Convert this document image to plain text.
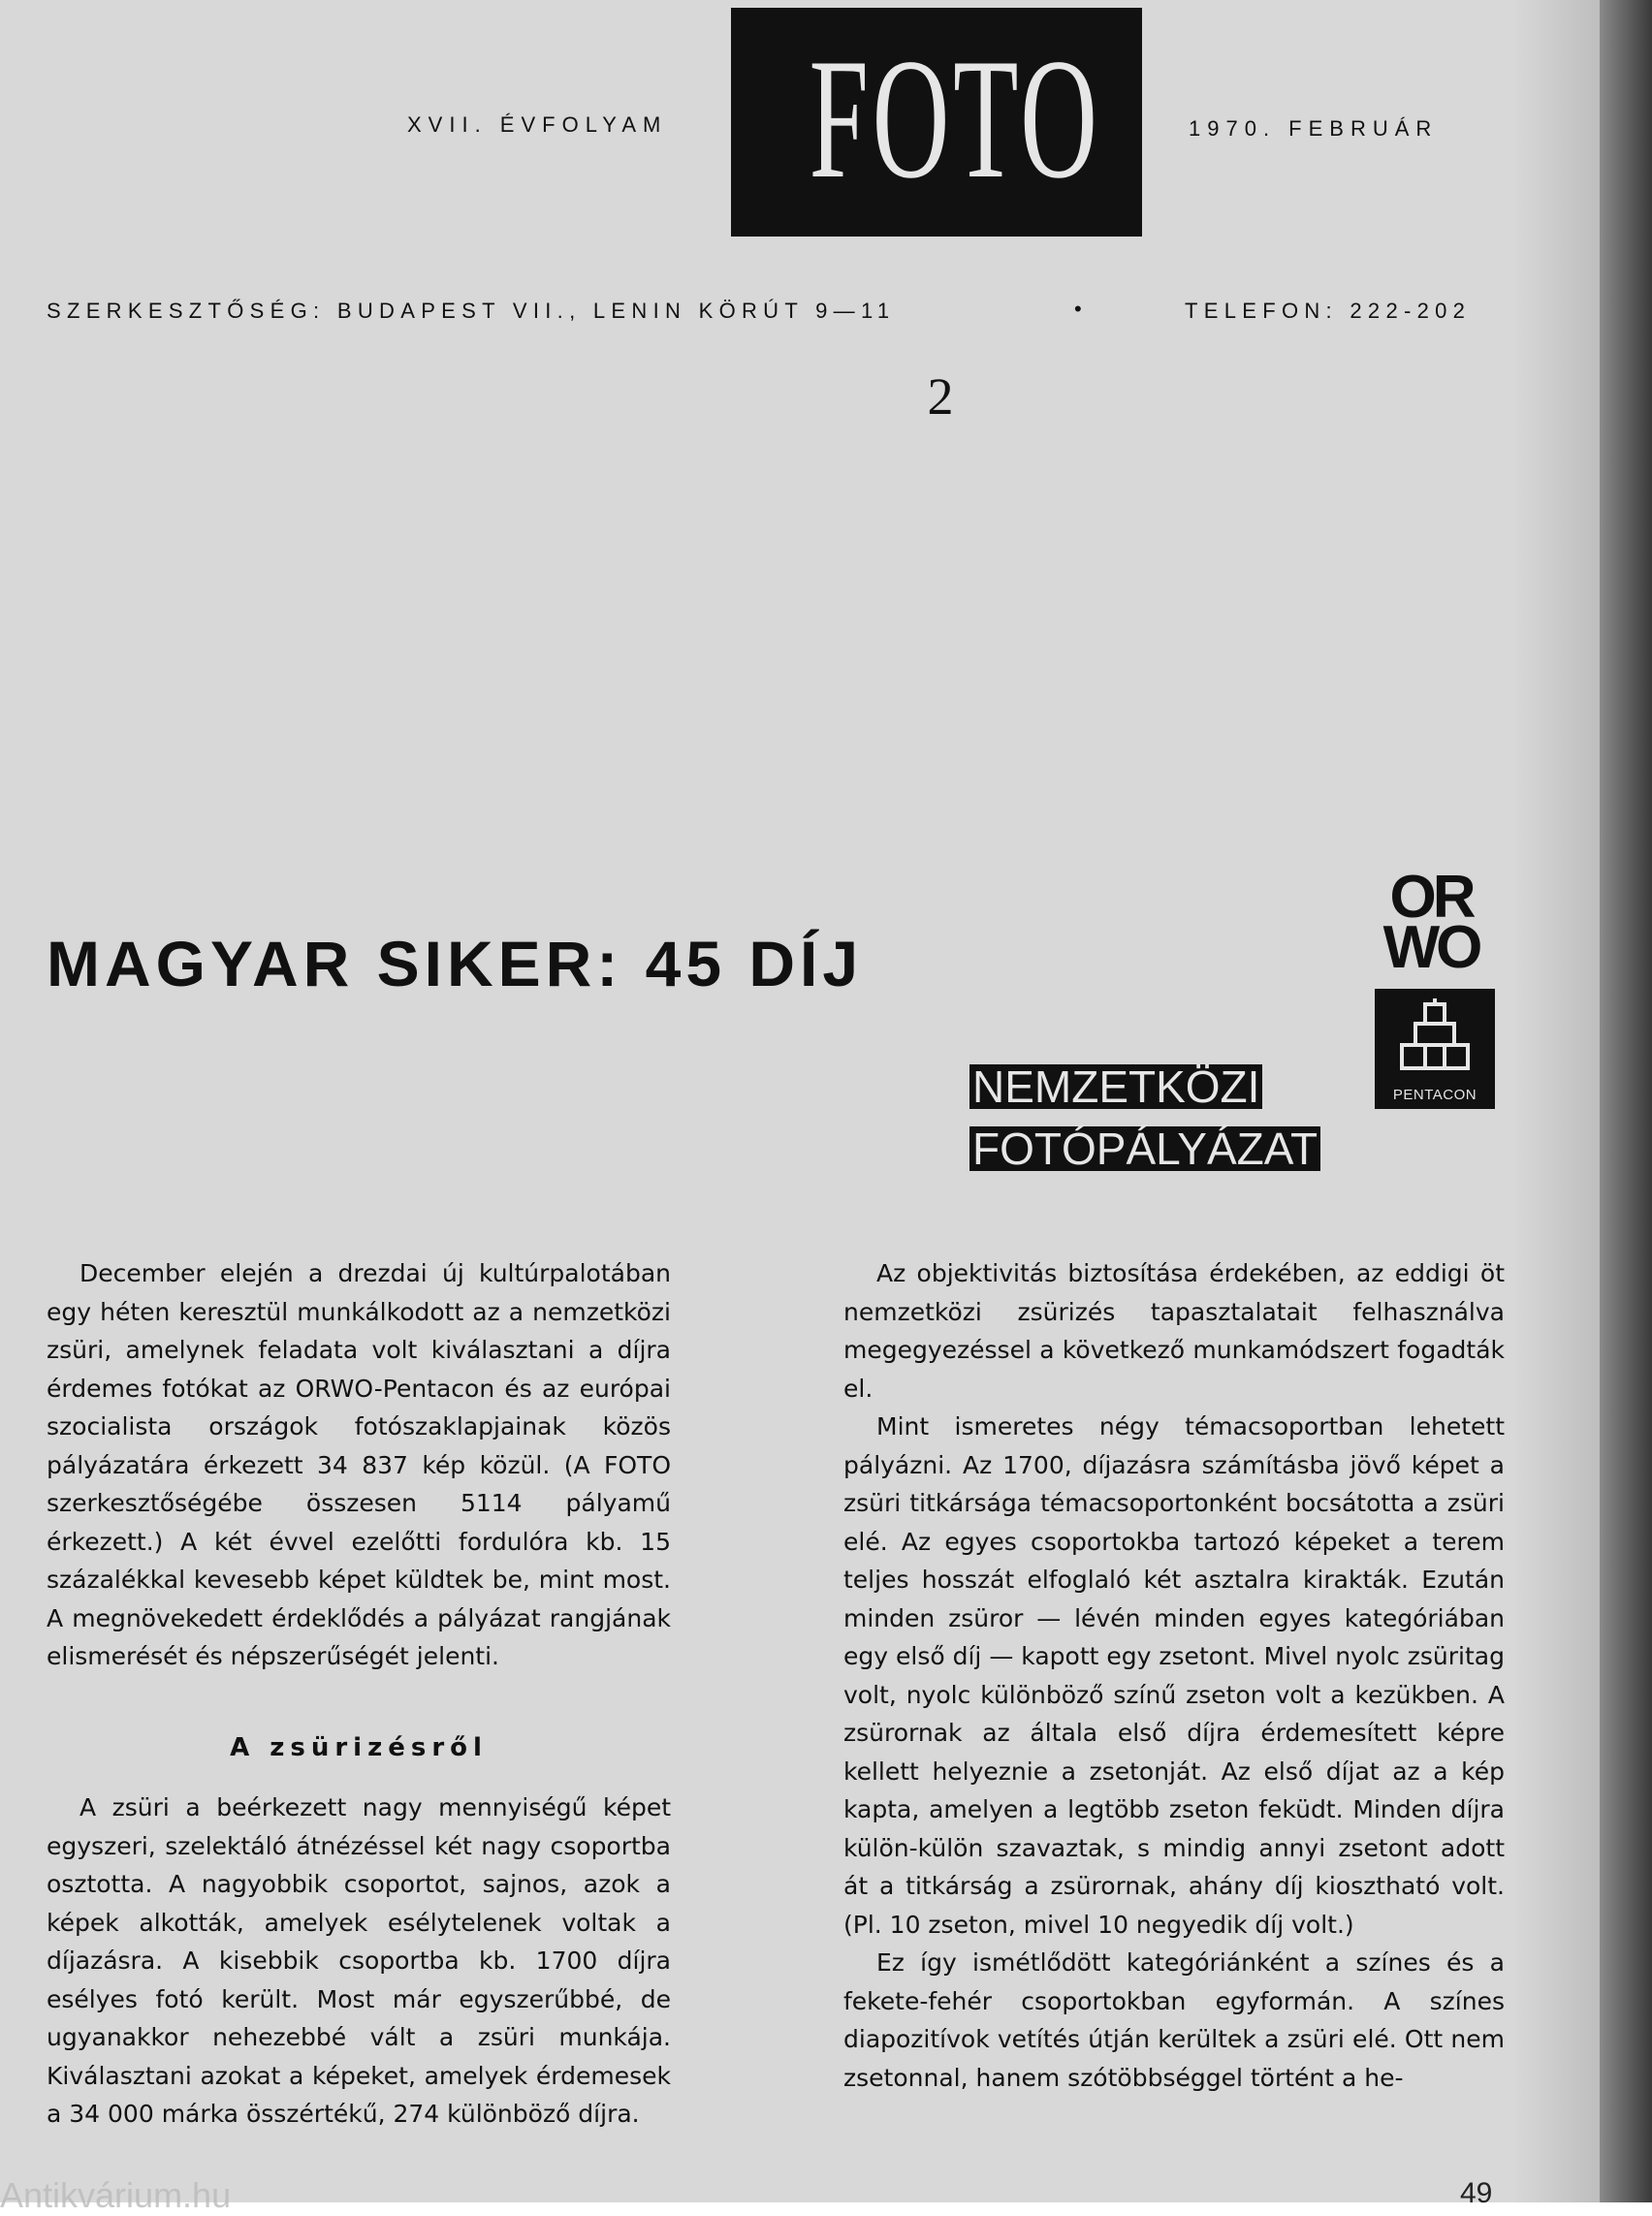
XVII. ÉVFOLYAM FOTO	1970. FEBRUÁR
SZERKESZTŐSÉG: BUDAPEST VII., LENIN KÖRÚT 9—11	•	TELEFON: 222-202
2
MAGYAR SIKER: 45 DÍJ
OR
WO
PENTACON
NEMZETKÖZI
FOTÓPÁLYÁZAT

December elején a drezdai új kultúrpalotában egy héten keresztül munkálkodott az a nemzetközi zsüri, amelynek feladata volt kiválasztani a díjra érdemes fotókat az ORWO-Pentacon és az európai szocialista országok fotószaklapjainak közös pályázatára érkezett 34 837 kép közül. (A FOTO szerkesztőségébe összesen 5114 pályamű érkezett.) A két évvel ezelőtti fordulóra kb. 15 százalékkal kevesebb képet küldtek be, mint most. A megnövekedett érdeklődés a pályázat rangjának elismerését és népszerűségét jelenti.

A zsürizésről

A zsüri a beérkezett nagy mennyiségű képet egyszeri, szelektáló átnézéssel két nagy csoportba osztotta. A nagyobbik csoportot, sajnos, azok a képek alkották, amelyek esélytelenek voltak a díjazásra. A kisebbik csoportba kb. 1700 díjra esélyes fotó került. Most már egyszerűbbé, de ugyanakkor nehezebbé vált a zsüri munkája. Kiválasztani azokat a képeket, amelyek érdemesek a 34 000 márka összértékű, 274 különböző díjra.

Az objektivitás biztosítása érdekében, az eddigi öt nemzetközi zsürizés tapasztalatait felhasználva megegyezéssel a következő munkamódszert fogadták el.

Mint ismeretes négy témacsoportban lehetett pályázni. Az 1700, díjazásra számításba jövő képet a zsüri titkársága témacsoportonként bocsátotta a zsüri elé. Az egyes csoportokba tartozó képeket a terem teljes hosszát elfoglaló két asztalra kirakták. Ezután minden zsüror — lévén minden egyes kategóriában egy első díj — kapott egy zsetont. Mivel nyolc zsüritag volt, nyolc különböző színű zseton volt a kezükben. A zsürornak az általa első díjra érdemesített képre kellett helyeznie a zsetonját. Az első díjat az a kép kapta, amelyen a legtöbb zseton feküdt. Minden díjra külön-külön szavaztak, s mindig annyi zsetont adott át a titkárság a zsürornak, ahány díj kiosztható volt. (Pl. 10 zseton, mivel 10 negyedik díj volt.)

Ez így ismétlődött kategóriánként a színes és a fekete-fehér csoportokban egyformán. A színes diapozitívok vetítés útján kerültek a zsüri elé. Ott nem zsetonnal, hanem szótöbbséggel történt a he-

Antikvárium.hu	49
